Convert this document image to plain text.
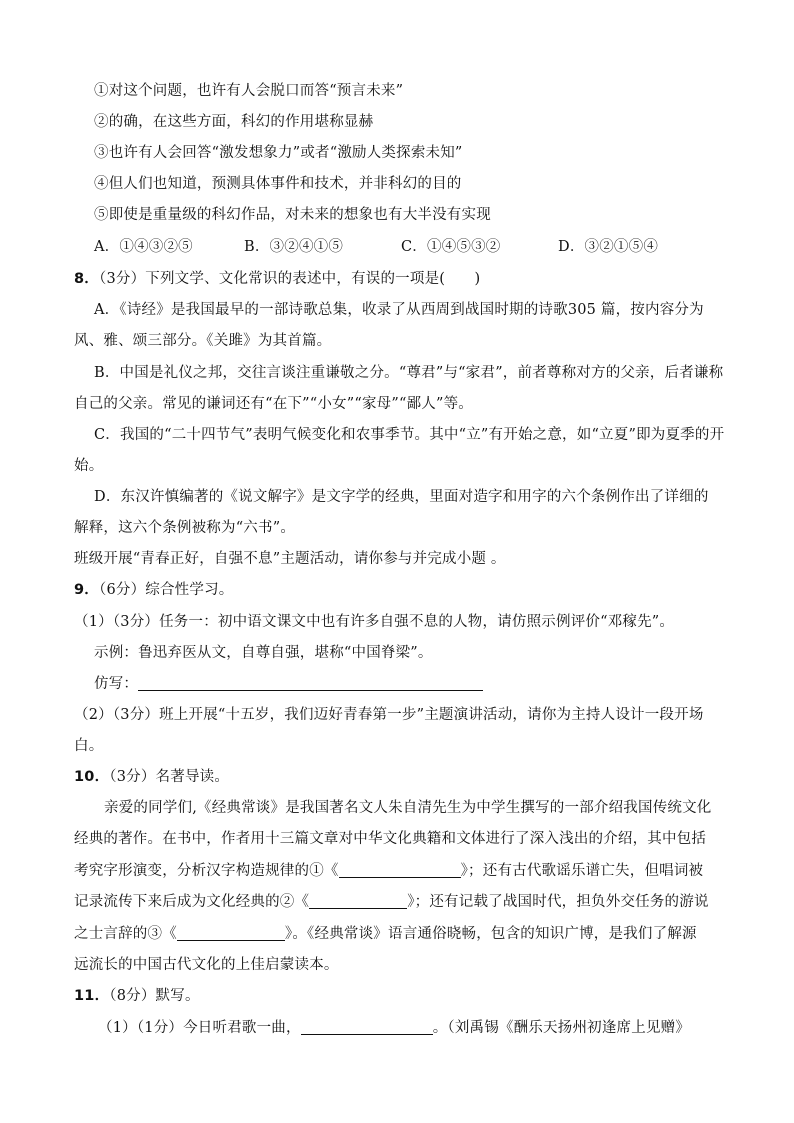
①对这个问题，也许有人会脱口而答“预言未来”
②的确，在这些方面，科幻的作用堪称显赫
③也许有人会回答“激发想象力”或者“激励人类探索未知”
④但人们也知道，预测具体事件和技术，并非科幻的目的
⑤即使是重量级的科幻作品，对未来的想象也有大半没有实现
A．①④③②⑤	B．③②④①⑤	C．①④⑤③②	D．③②①⑤④
8．（3分）下列文学、文化常识的表述中，有误的一项是(　　)
A．《诗经》是我国最早的一部诗歌总集，收录了从西周到战国时期的诗歌305 篇，按内容分为
风、雅、颂三部分。《关雎》为其首篇。
B．中国是礼仪之邦，交往言谈注重谦敬之分。“尊君”与“家君”，前者尊称对方的父亲，后者谦称
自己的父亲。常见的谦词还有“在下”“小女”“家母”“鄙人”等。
C．我国的“二十四节气”表明气候变化和农事季节。其中“立”有开始之意，如“立夏”即为夏季的开
始。
D．东汉许慎编著的《说文解字》是文字学的经典，里面对造字和用字的六个条例作出了详细的
解释，这六个条例被称为“六书”。
班级开展“青春正好，自强不息”主题活动，请你参与并完成小题 。
9．（6分）综合性学习。
（1）（3分）任务一：初中语文课文中也有许多自强不息的人物，请仿照示例评价“邓稼先”。
示例：鲁迅弃医从文，自尊自强，堪称“中国脊梁”。
仿写：
（2）（3分）班上开展“十五岁，我们迈好青春第一步”主题演讲活动，请你为主持人设计一段开场
白。
10．（3分）名著导读。
亲爱的同学们,《经典常谈》是我国著名文人朱自清先生为中学生撰写的一部介绍我国传统文化
经典的著作。在书中，作者用十三篇文章对中华文化典籍和文体进行了深入浅出的介绍，其中包括
考究字形演变，分析汉字构造规律的①《	》；还有古代歌谣乐谱亡失，但唱词被
记录流传下来后成为文化经典的②《	》；还有记载了战国时代，担负外交任务的游说
之士言辞的③《	》。《经典常谈》语言通俗晓畅，包含的知识广博，是我们了解源
远流长的中国古代文化的上佳启蒙读本。
11．（8分）默写。
（1）（1分）今日听君歌一曲，	。（刘禹锡《酬乐天扬州初逢席上见赠》
